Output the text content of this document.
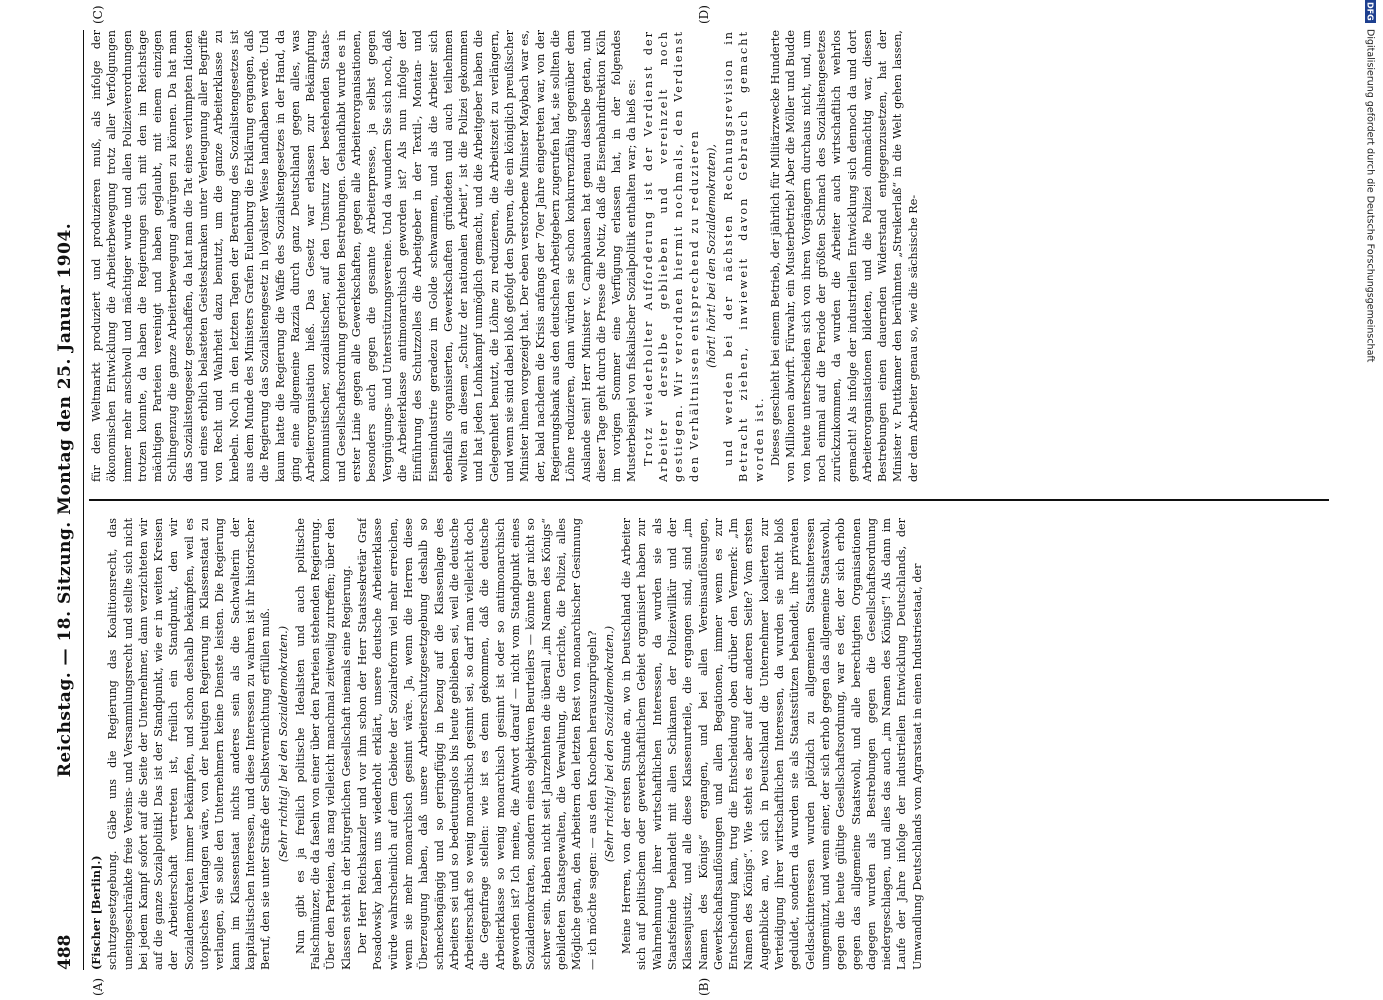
488
Reichstag. — 18. Sitzung. Montag den 25. Januar 1904.
(A)	(B)
(C)	(D)

(Fischer [Berlin].) schutzgesetzgebung. Gäbe uns die Regierung das Koalitionsrecht, das uneingeschränkte freie Vereins- und Versammlungsrecht und stellte sich nicht bei jedem Kampf sofort auf die Seite der Unternehmer, dann verzichteten wir auf die ganze Sozialpolitik! Das ist der Standpunkt, wie er in weiten Kreisen der Arbeiterschaft vertreten ist, freilich ein Standpunkt, den wir Sozialdemokraten immer bekämpfen, und schon deshalb bekämpfen, weil es utopisches Verlangen wäre, von der heutigen Regierung im Klassenstaat zu verlangen, sie solle den Unternehmern keine Dienste leisten. Die Regierung kann im Klassenstaat nichts anderes sein als die Sachwalterin der kapitalistischen Interessen, und diese Interessen zu wahren ist ihr historischer Beruf, den sie unter Strafe der Selbstvernichtung erfüllen muß. (Sehr richtig! bei den Sozialdemokraten.) Nun gibt es ja freilich politische Idealisten und auch politische Falschmünzer, die da faseln von einer über den Parteien stehenden Regierung. Über den Parteien, das mag vielleicht manchmal zeitweilig zutreffen; über den Klassen steht in der bürgerlichen Gesellschaft niemals eine Regierung. Der Herr Reichskanzler und vor ihm schon der Herr Staatssekretär Graf Posadowsky haben uns wiederholt erklärt, unsere deutsche Arbeiterklasse würde wahrscheinlich auf dem Gebiete der Sozialreform viel mehr erreichen, wenn sie mehr monarchisch gesinnt wäre. Ja, wenn die Herren diese Überzeugung haben, daß unsere Arbeiterschutzgesetzgebung deshalb so schneckengängig und so geringfügig in bezug auf die Klassenlage des Arbeiters sei und so bedeutungslos bis heute geblieben sei, weil die deutsche Arbeiterschaft so wenig monarchisch gesinnt sei, so darf man vielleicht doch die Gegenfrage stellen: wie ist es denn gekommen, daß die deutsche Arbeiterklasse so wenig monarchisch gesinnt ist oder so antimonarchisch geworden ist? Ich meine, die Antwort darauf — nicht vom Standpunkt eines Sozialdemokraten, sondern eines objektiven Beurteilers — könnte gar nicht so schwer sein. Haben nicht seit Jahrzehnten die überall „im Namen des Königs“ gebildeten Staatsgewalten, die Verwaltung, die Gerichte, die Polizei, alles Mögliche getan, den Arbeitern den letzten Rest von monarchischer Gesinnung — ich möchte sagen: — aus den Knochen herauszuprügeln? (Sehr richtig! bei den Sozialdemokraten.) Meine Herren, von der ersten Stunde an, wo in Deutschland die Arbeiter sich auf politischem oder gewerkschaftlichem Gebiet organisiert haben zur Wahrnehmung ihrer wirtschaftlichen Interessen, da wurden sie als Staatsfeinde behandelt mit allen Schikanen der Polizeiwillkür und der Klassenjustiz, und alle diese Klassenurteile, die ergangen sind, sind „im Namen des Königs“ ergangen, und bei allen Vereinsauflösungen, Gewerkschaftsauflösungen und allen Begationen, immer wenn es zur Entscheidung kam, trug die Entscheidung oben drüber den Vermerk: „Im Namen des Königs“. Wie steht es aber auf der anderen Seite? Vom ersten Augenblicke an, wo sich in Deutschland die Unternehmer koalierten zur Verteidigung ihrer wirtschaftlichen Interessen, da wurden sie nicht bloß geduldet, sondern da wurden sie als Staatsstützen behandelt, ihre privaten Geldsackinteressen wurden plötzlich zu allgemeinen Staatsinteressen umgemünzt, und wenn einer, der sich erhob gegen das allgemeine Staatswohl, gegen die heute gültige Gesellschaftsordnung, war es der, der sich erhob gegen das allgemeine Staatswohl, und alle berechtigten Organisationen dagegen wurden als Bestrebungen gegen die Gesellschaftsordnung niedergeschlagen, und alles das auch „im Namen des Königs“! Als dann im Laufe der Jahre infolge der industriellen Entwicklung Deutschlands, der Umwandlung Deutschlands vom Agrarstaat in einen Industriestaat, der

für den Weltmarkt produziert und produzieren muß, als infolge der ökonomischen Entwicklung die Arbeiterbewegung trotz aller Verfolgungen immer mehr anschwoll und mächtiger wurde und allen Polizeiverordnungen trotzen konnte, da haben die Regierungen sich mit den im Reichstage mächtigen Parteien vereinigt und haben geglaubt, mit einem einzigen Schlingenzug die ganze Arbeiterbewegung abwürgen zu können. Da hat man das Sozialistengesetz geschaffen, da hat man die Tat eines verlumpten Idioten und eines erblich belasteten Geisteskranken unter Verleugnung aller Begriffe von Recht und Wahrheit dazu benutzt, um die ganze Arbeiterklasse zu knebeln. Noch in den letzten Tagen der Beratung des Sozialistengesetzes ist aus dem Munde des Ministers Grafen Eulenburg die Erklärung ergangen, daß die Regierung das Sozialistengesetz in loyalster Weise handhaben werde. Und kaum hatte die Regierung die Waffe des Sozialistengesetzes in der Hand, da ging eine allgemeine Razzia durch ganz Deutschland gegen alles, was Arbeiterorganisation hieß. Das Gesetz war erlassen zur Bekämpfung kommunistischer, sozialistischer, auf den Umsturz der bestehenden Staats- und Gesellschaftsordnung gerichteten Bestrebungen. Gehandhabt wurde es in erster Linie gegen alle Gewerkschaften, gegen alle Arbeiterorganisationen, besonders auch gegen die gesamte Arbeiterpresse, ja selbst gegen Vergnügungs- und Unterstützungsvereine. Und da wundern Sie sich noch, daß die Arbeiterklasse antimonarchisch geworden ist? Als nun infolge der Einführung des Schutzzolles die Arbeitgeber in der Textil-, Montan- und Eisenindustrie geradezu im Golde schwammen, und als die Arbeiter sich ebenfalls organisierten, Gewerkschaften gründeten und auch teilnehmen wollten an diesem „Schutz der nationalen Arbeit“, ist die Polizei gekommen und hat jeden Lohnkampf unmöglich gemacht, und die Arbeitgeber haben die Gelegenheit benutzt, die Löhne zu reduzieren, die Arbeitszeit zu verlängern, und wenn sie sind dabei bloß gefolgt den Spuren, die ein königlich preußischer Minister ihnen vorgezeigt hat. Der eben verstorbene Minister Maybach war es, der, bald nachdem die Krisis anfangs der 70er Jahre eingetreten war, von der Regierungsbank aus den deutschen Arbeitgebern zugerufen hat, sie sollten die Löhne reduzieren, dann würden sie schon konkurrenzfähig gegenüber dem Auslande sein! Herr Minister v. Camphausen hat genau dasselbe getan, und dieser Tage geht durch die Presse die Notiz, daß die Eisenbahndirektion Köln im vorigen Sommer eine Verfügung erlassen hat, in der folgendes Musterbeispiel von fiskalischer Sozialpolitik enthalten war; da hieß es: Trotz wiederholter Aufforderung ist der Verdienst der Arbeiter derselbe geblieben und vereinzelt noch gestiegen. Wir verordnen hiermit nochmals, den Verdienst den Verhältnissen entsprechend zu reduzieren (hört! hört! bei den Sozialdemokraten), und werden bei der nächsten Rechnungsrevision in Betracht ziehen, inwieweit davon Gebrauch gemacht worden ist. Dieses geschieht bei einem Betrieb, der jährlich für Militärzwecke Hunderte von Millionen abwirft. Fürwahr, ein Musterbetrieb! Aber die Möller und Budde von heute unterscheiden sich von ihren Vorgängern durchaus nicht, und, um noch einmal auf die Periode der größten Schmach des Sozialistengesetzes zurückzukommen, da wurden die Arbeiter auch wirtschaftlich wehrlos gemacht! Als infolge der industriellen Entwicklung sich dennoch da und dort Arbeiterorganisationen bildeten, und die Polizei ohnmächtig war, diesen Bestrebungen einen dauernden Widerstand entgegenzusetzen, hat der Minister v. Puttkamer den berühmten „Streikerlaß“ in die Welt gehen lassen, der dem Arbeiter genau so, wie die sächsische Re-

DFG
Digitalisierung gefördert durch die Deutsche Forschungsgemeinschaft
